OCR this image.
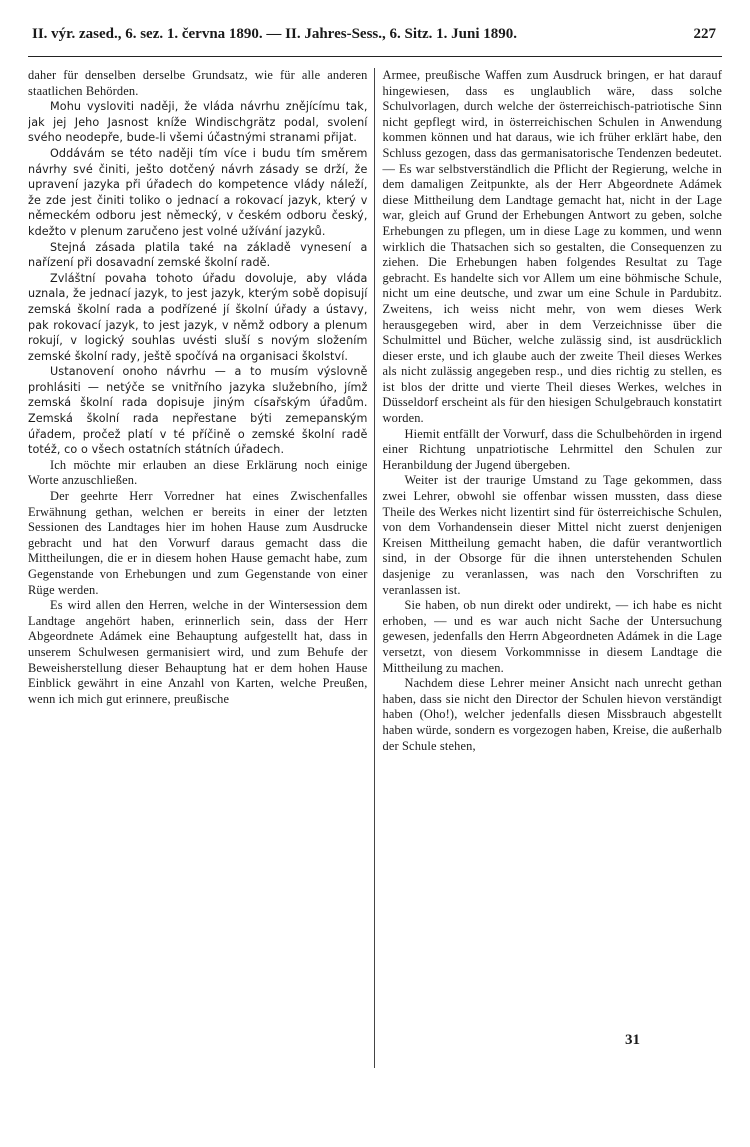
II. výr. zased., 6. sez. 1. června 1890. — II. Jahres-Sess., 6. Sitz. 1. Juni 1890.	227

daher für denselben derselbe Grundsatz, wie für alle anderen staatlichen Behörden.

Mohu vysloviti naději, že vláda návrhu znějícímu tak, jak jej Jeho Jasnost kníže Windischgrätz podal, svolení svého neodepře, bude-li všemi účastnými stranami přijat.

Oddávám se této naději tím více i budu tím směrem návrhy své činiti, ješto dotčený návrh zásady se drží, že upravení jazyka při úřadech do kompetence vlády náleží, že zde jest činiti toliko o jednací a rokovací jazyk, který v německém odboru jest německý, v českém odboru český, kdežto v plenum zaručeno jest volné užívání jazyků.

Stejná zásada platila také na základě vynesení a nařízení při dosavadní zemské školní radě.

Zvláštní povaha tohoto úřadu dovoluje, aby vláda uznala, že jednací jazyk, to jest jazyk, kterým sobě dopisují zemská školní rada a podřízené jí školní úřady a ústavy, pak rokovací jazyk, to jest jazyk, v němž odbory a plenum rokují, v logický souhlas uvésti sluší s novým složením zemské školní rady, ještě spočívá na organisaci školství.

Ustanovení onoho návrhu — a to musím výslovně prohlásiti — netýče se vnitřního jazyka služebního, jímž zemská školní rada dopisuje jiným císařským úřadům. Zemská školní rada nepřestane býti zemepanským úřadem, pročež platí v té příčině o zemské školní radě totéž, co o všech ostatních státních úřadech.

Ich möchte mir erlauben an diese Erklärung noch einige Worte anzuschließen.

Der geehrte Herr Vorredner hat eines Zwischenfalles Erwähnung gethan, welchen er bereits in einer der letzten Sessionen des Landtages hier im hohen Hause zum Ausdrucke gebracht und hat den Vorwurf daraus gemacht dass die Mittheilungen, die er in diesem hohen Hause gemacht habe, zum Gegenstande von Erhebungen und zum Gegenstande von einer Rüge werden.

Es wird allen den Herren, welche in der Wintersession dem Landtage angehört haben, erinnerlich sein, dass der Herr Abgeordnete Adámek eine Behauptung aufgestellt hat, dass in unserem Schulwesen germanisiert wird, und zum Behufe der Beweisherstellung dieser Behauptung hat er dem hohen Hause Einblick gewährt in eine Anzahl von Karten, welche Preußen, wenn ich mich gut erinnere, preußische

Armee, preußische Waffen zum Ausdruck bringen, er hat darauf hingewiesen, dass es unglaublich wäre, dass solche Schulvorlagen, durch welche der österreichisch-patriotische Sinn nicht gepflegt wird, in österreichischen Schulen in Anwendung kommen können und hat daraus, wie ich früher erklärt habe, den Schluss gezogen, dass das germanisatorische Tendenzen bedeutet. — Es war selbstverständlich die Pflicht der Regierung, welche in dem damaligen Zeitpunkte, als der Herr Abgeordnete Adámek diese Mittheilung dem Landtage gemacht hat, nicht in der Lage war, gleich auf Grund der Erhebungen Antwort zu geben, solche Erhebungen zu pflegen, um in diese Lage zu kommen, und wenn wirklich die Thatsachen sich so gestalten, die Consequenzen zu ziehen. Die Erhebungen haben folgendes Resultat zu Tage gebracht. Es handelte sich vor Allem um eine böhmische Schule, nicht um eine deutsche, und zwar um eine Schule in Pardubitz. Zweitens, ich weiss nicht mehr, von wem dieses Werk herausgegeben wird, aber in dem Verzeichnisse über die Schulmittel und Bücher, welche zulässig sind, ist ausdrücklich dieser erste, und ich glaube auch der zweite Theil dieses Werkes als nicht zulässig angegeben resp., und dies richtig zu stellen, es ist blos der dritte und vierte Theil dieses Werkes, welches in Düsseldorf erscheint als für den hiesigen Schulgebrauch konstatirt worden.

Hiemit entfällt der Vorwurf, dass die Schulbehörden in irgend einer Richtung unpatriotische Lehrmittel den Schulen zur Heranbildung der Jugend übergeben.

Weiter ist der traurige Umstand zu Tage gekommen, dass zwei Lehrer, obwohl sie offenbar wissen mussten, dass diese Theile des Werkes nicht lizentirt sind für österreichische Schulen, von dem Vorhandensein dieser Mittel nicht zuerst denjenigen Kreisen Mittheilung gemacht haben, die dafür verantwortlich sind, in der Obsorge für die ihnen unterstehenden Schulen dasjenige zu veranlassen, was nach den Vorschriften zu veranlassen ist.

Sie haben, ob nun direkt oder undirekt, — ich habe es nicht erhoben, — und es war auch nicht Sache der Untersuchung gewesen, jedenfalls den Herrn Abgeordneten Adámek in die Lage versetzt, von diesem Vorkommnisse in diesem Landtage die Mittheilung zu machen.

Nachdem diese Lehrer meiner Ansicht nach unrecht gethan haben, dass sie nicht den Director der Schulen hievon verständigt haben (Oho!), welcher jedenfalls diesen Missbrauch abgestellt haben würde, sondern es vorgezogen haben, Kreise, die außerhalb der Schule stehen,

31
